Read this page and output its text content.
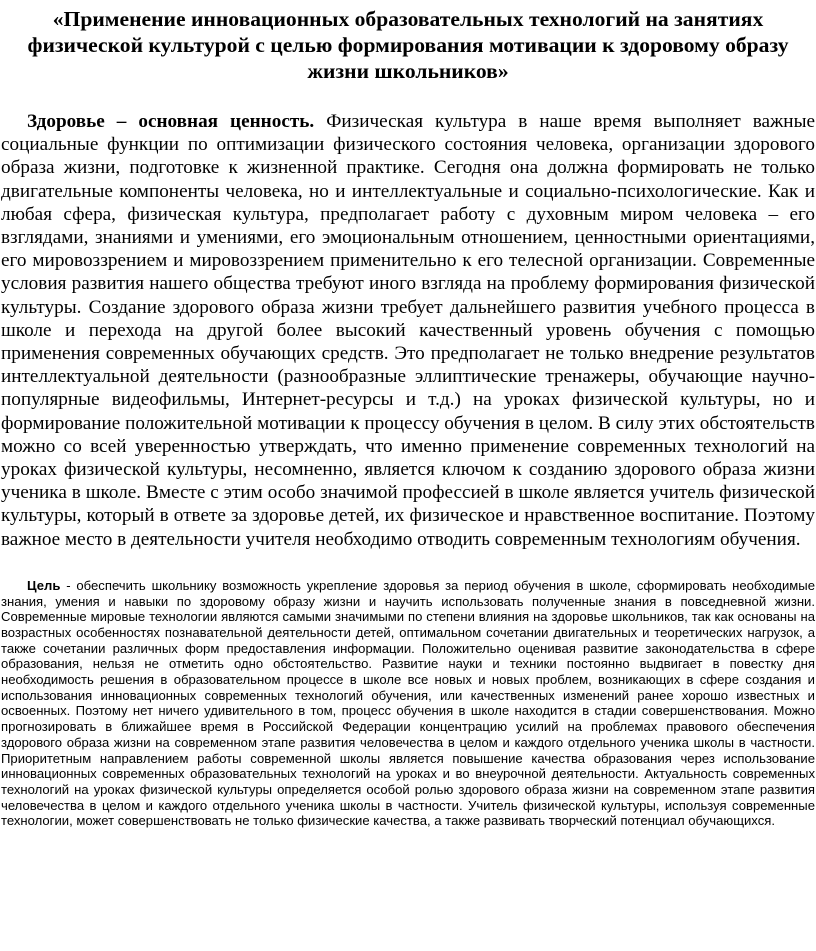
«Применение инновационных образовательных технологий на занятиях физической культурой с целью формирования мотивации к здоровому образу жизни школьников»

Здоровье – основная ценность. Физическая культура в наше время выполняет важные социальные функции по оптимизации физического состояния человека, организации здорового образа жизни, подготовке к жизненной практике. Сегодня она должна формировать не только двигательные компоненты человека, но и интеллектуальные и социально-психологические. Как и любая сфера, физическая культура, предполагает работу с духовным миром человека – его взглядами, знаниями и умениями, его эмоциональным отношением, ценностными ориентациями, его мировоззрением и мировоззрением применительно к его телесной организации. Современные условия развития нашего общества требуют иного взгляда на проблему формирования физической культуры. Создание здорового образа жизни требует дальнейшего развития учебного процесса в школе и перехода на другой более высокий качественный уровень обучения с помощью применения современных обучающих средств. Это предполагает не только внедрение результатов интеллектуальной деятельности (разнообразные эллиптические тренажеры, обучающие научно-популярные видеофильмы, Интернет-ресурсы и т.д.) на уроках физической культуры, но и формирование положительной мотивации к процессу обучения в целом. В силу этих обстоятельств можно со всей уверенностью утверждать, что именно применение современных технологий на уроках физической культуры, несомненно, является ключом к созданию здорового образа жизни ученика в школе. Вместе с этим особо значимой профессией в школе является учитель физической культуры, который в ответе за здоровье детей, их физическое и нравственное воспитание. Поэтому важное место в деятельности учителя необходимо отводить современным технологиям обучения.

Цель - обеспечить школьнику возможность укрепление здоровья за период обучения в школе, сформировать необходимые знания, умения и навыки по здоровому образу жизни и научить использовать полученные знания в повседневной жизни. Современные мировые технологии являются самыми значимыми по степени влияния на здоровье школьников, так как основаны на возрастных особенностях познавательной деятельности детей, оптимальном сочетании двигательных и теоретических нагрузок, а также сочетании различных форм предоставления информации. Положительно оценивая развитие законодательства в сфере образования, нельзя не отметить одно обстоятельство. Развитие науки и техники постоянно выдвигает в повестку дня необходимость решения в образовательном процессе в школе все новых и новых проблем, возникающих в сфере создания и использования инновационных современных технологий обучения, или качественных изменений ранее хорошо известных и освоенных. Поэтому нет ничего удивительного в том, процесс обучения в школе находится в стадии совершенствования. Можно прогнозировать в ближайшее время в Российской Федерации концентрацию усилий на проблемах правового обеспечения здорового образа жизни на современном этапе развития человечества в целом и каждого отдельного ученика школы в частности. Приоритетным направлением работы современной школы является повышение качества образования через использование инновационных современных образовательных технологий на уроках и во внеурочной деятельности. Актуальность современных технологий на уроках физической культуры определяется особой ролью здорового образа жизни на современном этапе развития человечества в целом и каждого отдельного ученика школы в частности. Учитель физической культуры, используя современные технологии, может совершенствовать не только физические качества, а также развивать творческий потенциал обучающихся.
